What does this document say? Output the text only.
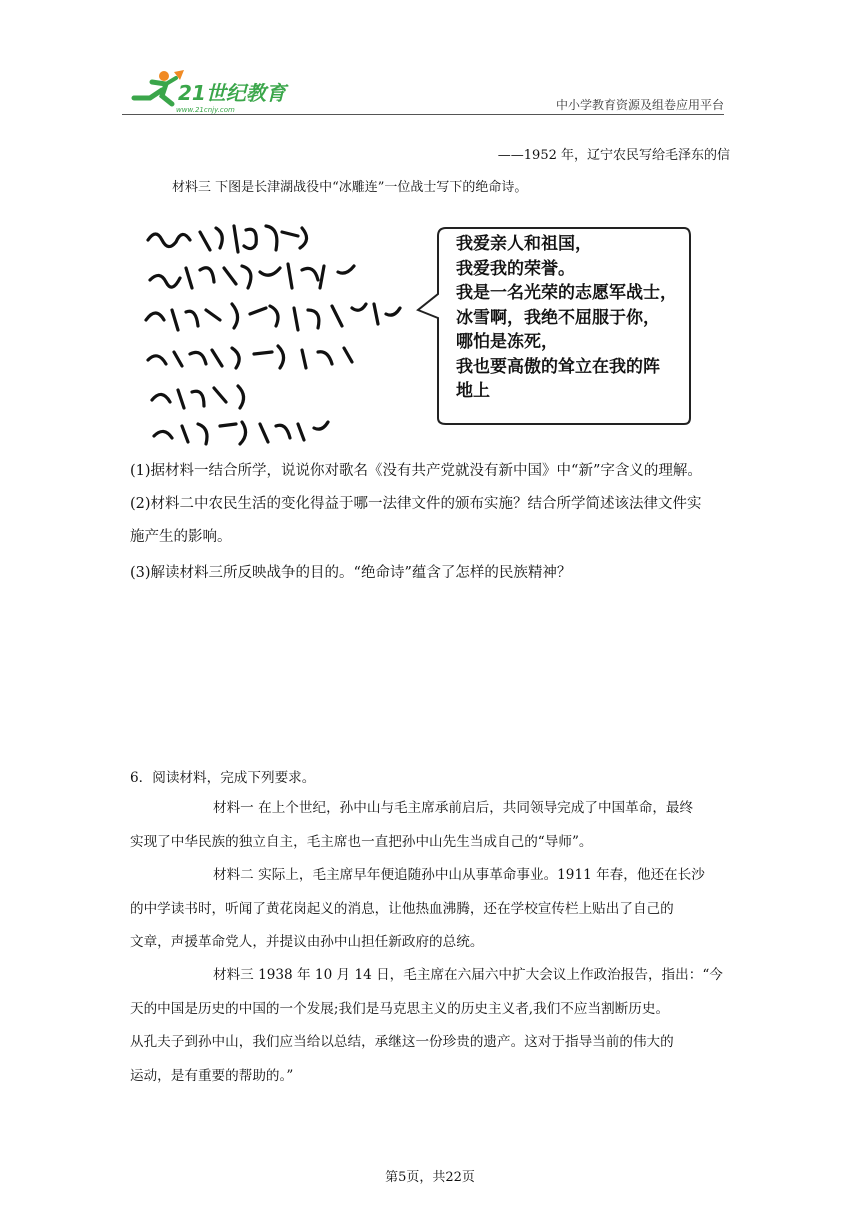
21世纪教育
www.21cnjy.com	中小学教育资源及组卷应用平台
——1952 年，辽宁农民写给毛泽东的信
材料三 下图是长津湖战役中“冰雕连”一位战士写下的绝命诗。
我爱亲人和祖国，
我爱我的荣誉。
我是一名光荣的志愿军战士，
冰雪啊，我绝不屈服于你，
哪怕是冻死，
我也要高傲的耸立在我的阵
地上
(1)据材料一结合所学，说说你对歌名《没有共产党就没有新中国》中“新”字含义的理解。
(2)材料二中农民生活的变化得益于哪一法律文件的颁布实施？结合所学简述该法律文件实
施产生的影响。
(3)解读材料三所反映战争的目的。“绝命诗”蕴含了怎样的民族精神？
6．阅读材料，完成下列要求。
材料一 在上个世纪，孙中山与毛主席承前启后，共同领导完成了中国革命，最终
实现了中华民族的独立自主，毛主席也一直把孙中山先生当成自己的“导师”。
材料二 实际上，毛主席早年便追随孙中山从事革命事业。1911 年春，他还在长沙
的中学读书时，听闻了黄花岗起义的消息，让他热血沸腾，还在学校宣传栏上贴出了自己的
文章，声援革命党人，并提议由孙中山担任新政府的总统。
材料三 1938 年 10 月 14 日，毛主席在六届六中扩大会议上作政治报告，指出：“今
天的中国是历史的中国的一个发展;我们是马克思主义的历史主义者,我们不应当割断历史。
从孔夫子到孙中山，我们应当给以总结，承继这一份珍贵的遗产。这对于指导当前的伟大的
运动，是有重要的帮助的。”
第5页，共22页
